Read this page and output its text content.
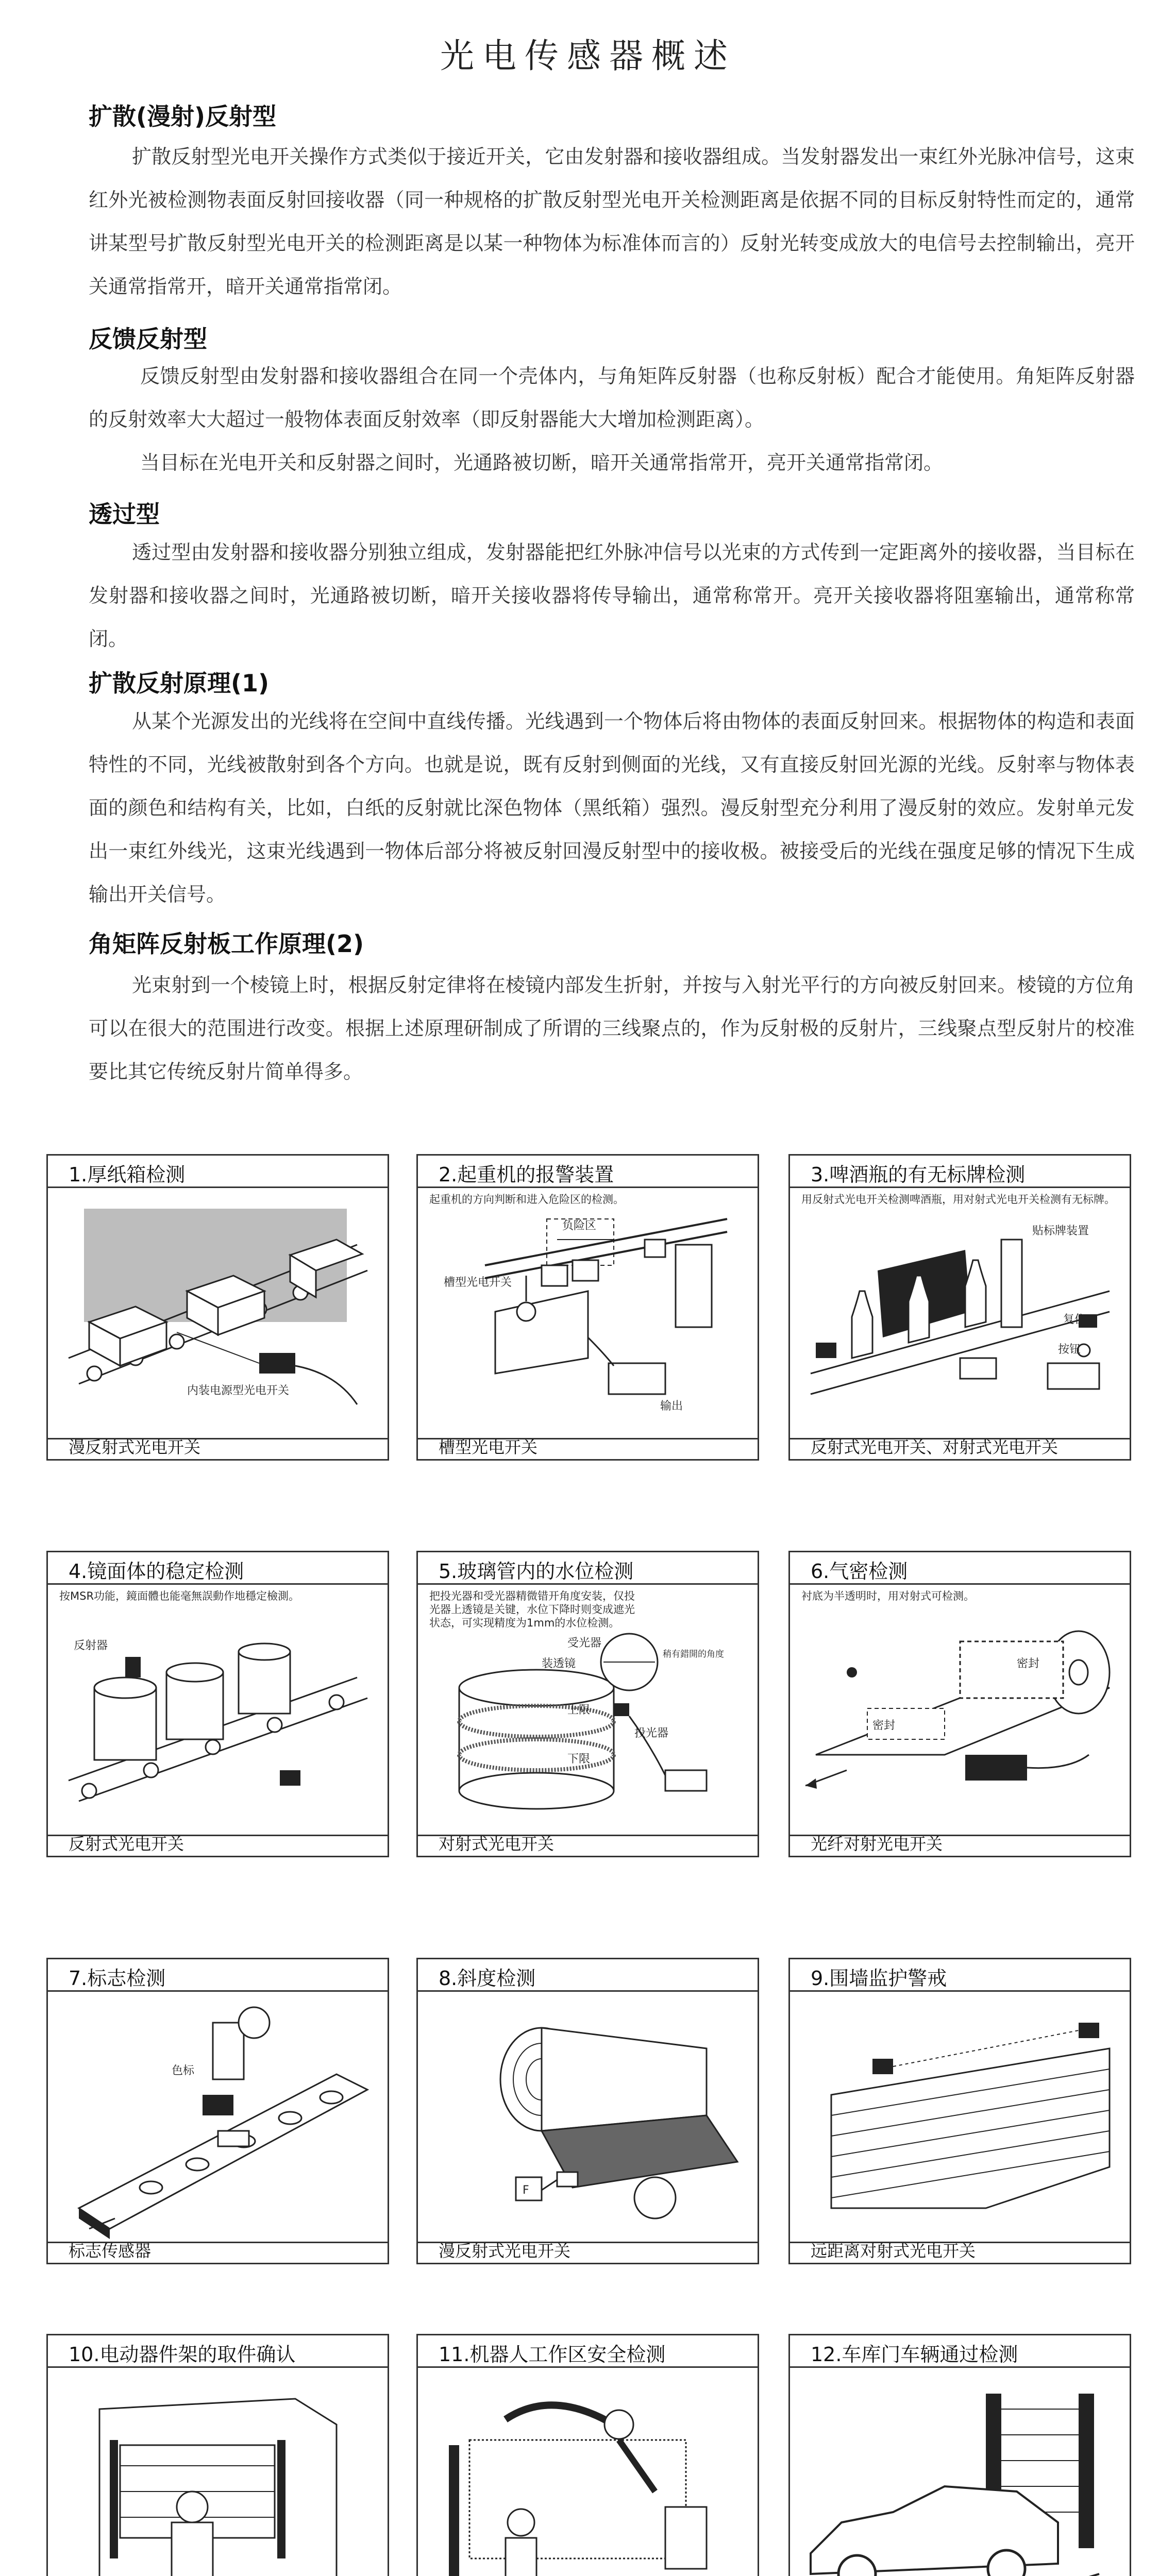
光电传感器概述
扩散(漫射)反射型
扩散反射型光电开关操作方式类似于接近开关，它由发射器和接收器组成。当发射器发出一束红外光脉冲信号，这束红外光被检测物表面反射回接收器（同一种规格的扩散反射型光电开关检测距离是依据不同的目标反射特性而定的，通常讲某型号扩散反射型光电开关的检测距离是以某一种物体为标准体而言的）反射光转变成放大的电信号去控制输出，亮开关通常指常开，暗开关通常指常闭。
反馈反射型
反馈反射型由发射器和接收器组合在同一个壳体内，与角矩阵反射器（也称反射板）配合才能使用。角矩阵反射器的反射效率大大超过一般物体表面反射效率（即反射器能大大增加检测距离）。
当目标在光电开关和反射器之间时，光通路被切断，暗开关通常指常开，亮开关通常指常闭。
透过型
透过型由发射器和接收器分别独立组成，发射器能把红外脉冲信号以光束的方式传到一定距离外的接收器，当目标在发射器和接收器之间时，光通路被切断，暗开关接收器将传导输出，通常称常开。亮开关接收器将阻塞输出，通常称常闭。
扩散反射原理(1)
从某个光源发出的光线将在空间中直线传播。光线遇到一个物体后将由物体的表面反射回来。根据物体的构造和表面特性的不同，光线被散射到各个方向。也就是说，既有反射到侧面的光线，又有直接反射回光源的光线。反射率与物体表面的颜色和结构有关，比如，白纸的反射就比深色物体（黑纸箱）强烈。漫反射型充分利用了漫反射的效应。发射单元发出一束红外线光，这束光线遇到一物体后部分将被反射回漫反射型中的接收极。被接受后的光线在强度足够的情况下生成输出开关信号。
角矩阵反射板工作原理(2)
光束射到一个棱镜上时，根据反射定律将在棱镜内部发生折射，并按与入射光平行的方向被反射回来。棱镜的方位角可以在很大的范围进行改变。根据上述原理研制成了所谓的三线聚点的，作为反射极的反射片，三线聚点型反射片的校准要比其它传统反射片简单得多。
1.厚纸箱检测
内装电源型光电开关
漫反射式光电开关
2.起重机的报警装置
起重机的方向判断和进入危险区的检测。
负险区
槽型光电开关
输出
槽型光电开关
3.啤酒瓶的有无标牌检测
用反射式光电开关检测啤酒瓶，用对射式光电开关检测有无标牌。
贴标牌装置
复位
按钮
反射式光电开关、对射式光电开关
4.镜面体的稳定检测
按MSR功能，鏡面體也能毫無誤動作地穩定檢測。
反射器
反射式光电开关
5.玻璃管内的水位检测
把投光器和受光器精微错开角度安装，仅投光器上透镜是关键，水位下降时则变成遮光状态，可实现精度为1mm的水位检测。
受光器
装透镜
上限
下限
投光器
稍有錯開的角度
对射式光电开关
6.气密检测
衬底为半透明时，用对射式可检测。
密封
密封
光纤对射光电开关
7.标志检测
色标
标志传感器
8.斜度检测
F
漫反射式光电开关
9.围墙监护警戒
远距离对射式光电开关
10.电动器件架的取件确认	11.机器人工作区安全检测	12.车库门车辆通过检测
